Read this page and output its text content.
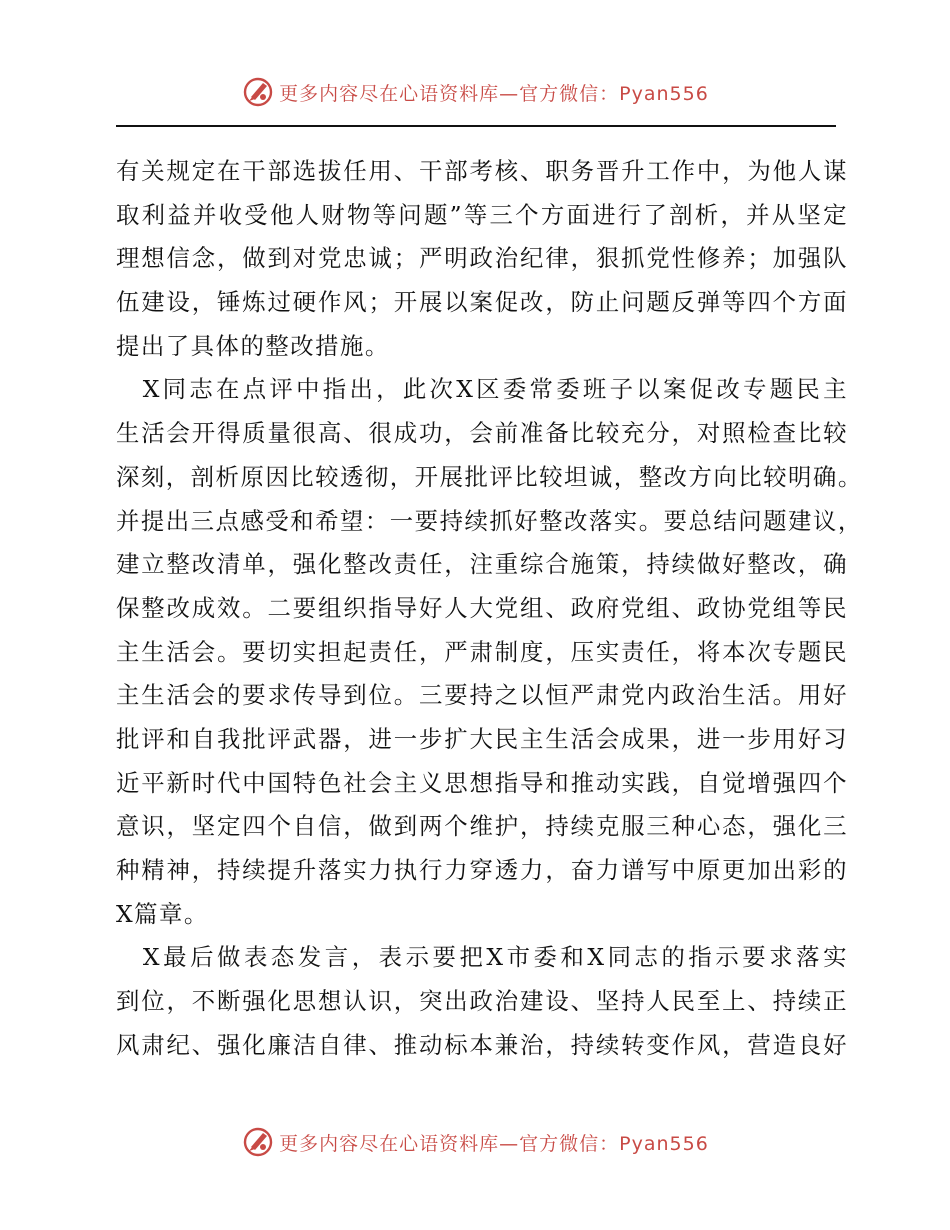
更多内容尽在心语资料库—官方微信：Pyan556
有关规定在干部选拔任用、干部考核、职务晋升工作中，为他人谋
取利益并收受他人财物等问题”等三个方面进行了剖析，并从坚定
理想信念，做到对党忠诚；严明政治纪律，狠抓党性修养；加强队
伍建设，锤炼过硬作风；开展以案促改，防止问题反弹等四个方面
提出了具体的整改措施。
　X同志在点评中指出，此次X区委常委班子以案促改专题民主
生活会开得质量很高、很成功，会前准备比较充分，对照检查比较
深刻，剖析原因比较透彻，开展批评比较坦诚，整改方向比较明确。
并提出三点感受和希望：一要持续抓好整改落实。要总结问题建议，
建立整改清单，强化整改责任，注重综合施策，持续做好整改，确
保整改成效。二要组织指导好人大党组、政府党组、政协党组等民
主生活会。要切实担起责任，严肃制度，压实责任，将本次专题民
主生活会的要求传导到位。三要持之以恒严肃党内政治生活。用好
批评和自我批评武器，进一步扩大民主生活会成果，进一步用好习
近平新时代中国特色社会主义思想指导和推动实践，自觉增强四个
意识，坚定四个自信，做到两个维护，持续克服三种心态，强化三
种精神，持续提升落实力执行力穿透力，奋力谱写中原更加出彩的
X篇章。
　X最后做表态发言，表示要把X市委和X同志的指示要求落实
到位，不断强化思想认识，突出政治建设、坚持人民至上、持续正
风肃纪、强化廉洁自律、推动标本兼治，持续转变作风，营造良好
更多内容尽在心语资料库—官方微信：Pyan556
